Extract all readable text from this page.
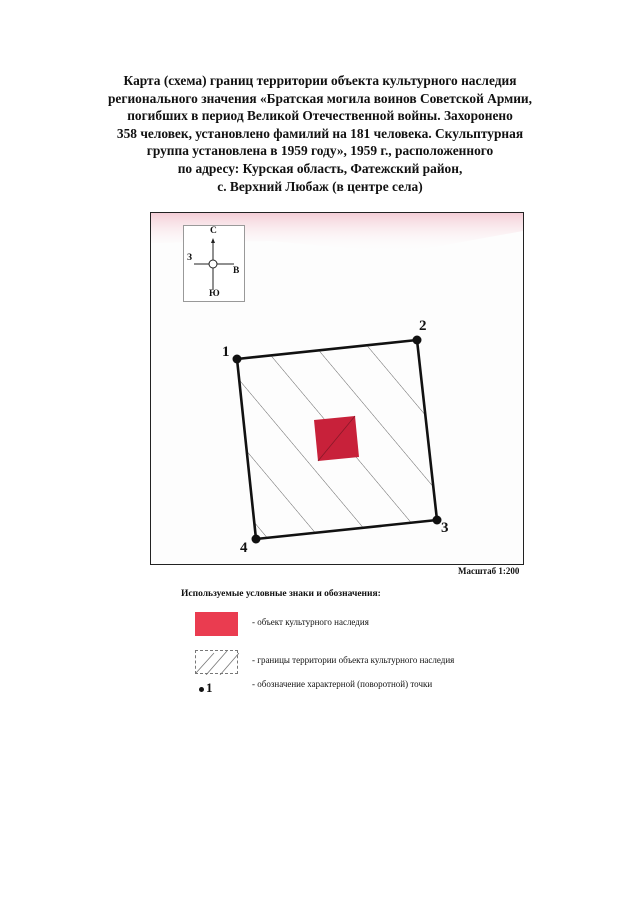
Карта (схема) границ территории объекта культурного наследия
регионального значения «Братская могила воинов Советской Армии,
погибших в период Великой Отечественной войны. Захоронено
358 человек, установлено фамилий на 181 человека. Скульптурная
группа установлена в 1959 году», 1959 г., расположенного
по адресу: Курская область, Фатежский район,
с. Верхний Любаж (в центре села)
С
З
В
Ю
1
2
3
4
Масштаб 1:200
Используемые условные знаки и обозначения:
- объект культурного наследия
- границы территории объекта культурного наследия
1	- обозначение характерной (поворотной) точки
